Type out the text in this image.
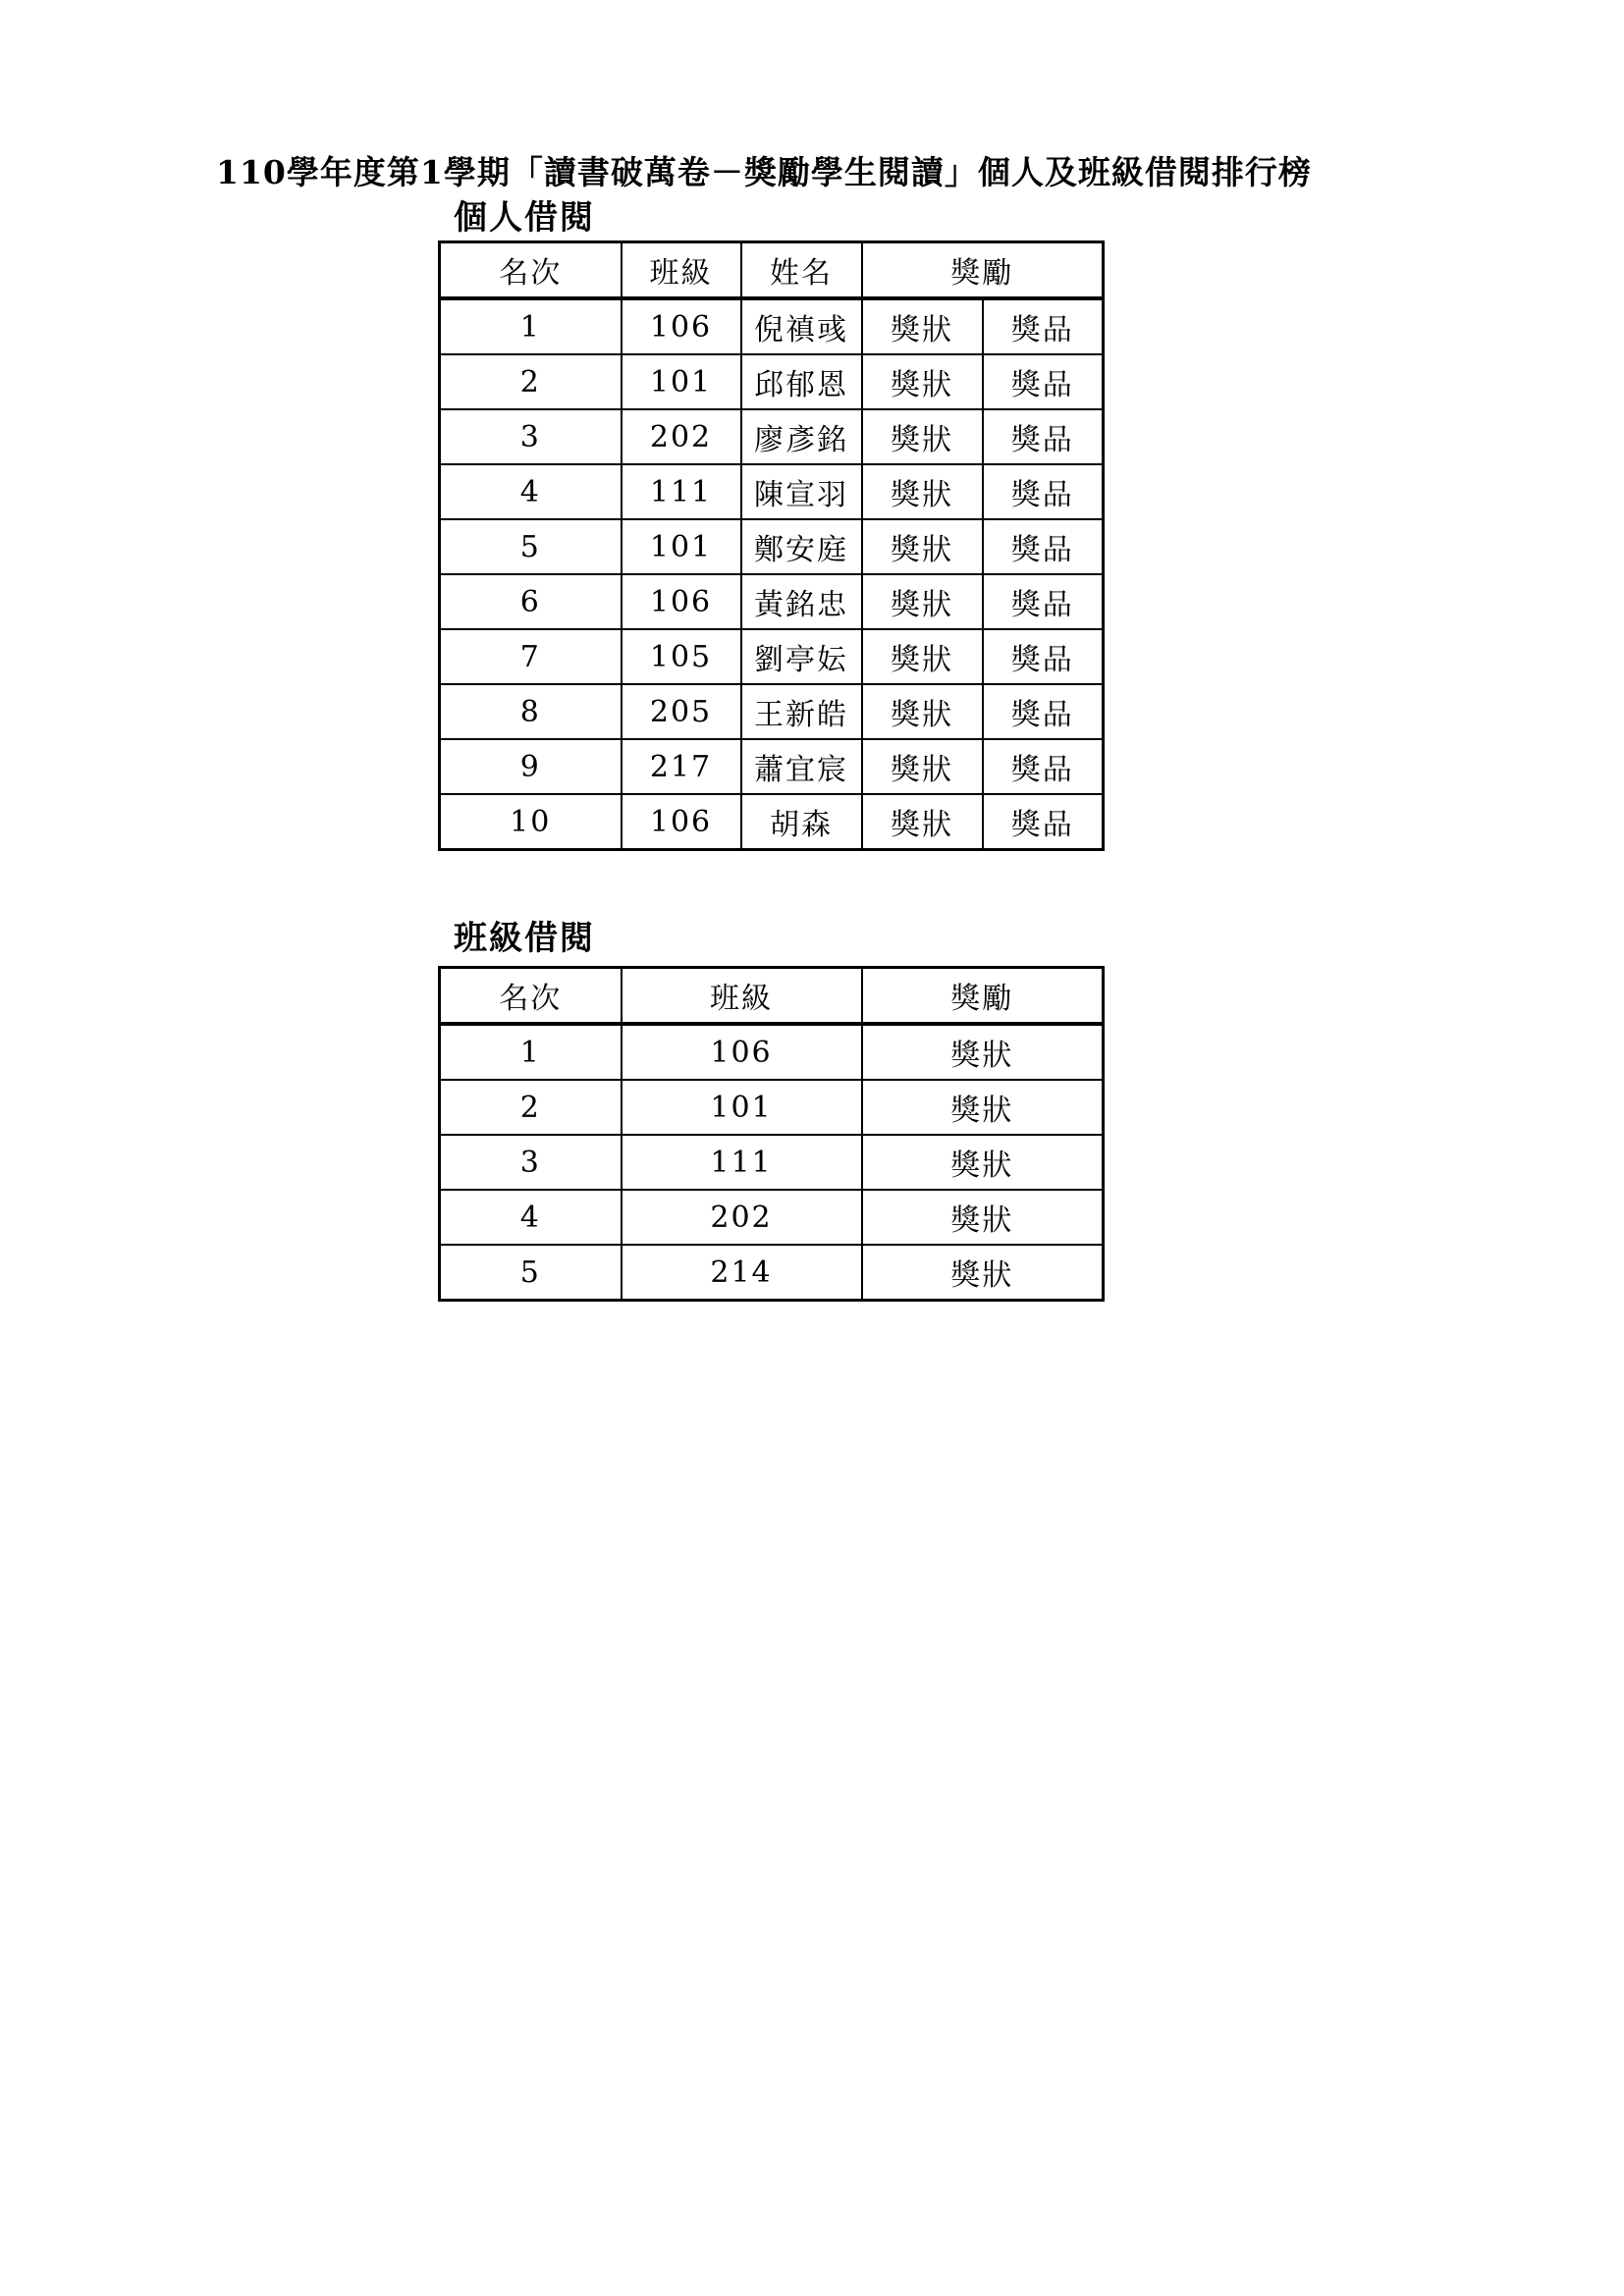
110學年度第1學期「讀書破萬卷－獎勵學生閱讀」個人及班級借閱排行榜
個人借閱
名次	班級	姓名	獎勵	
1	106	倪禛彧	獎狀	獎品
2	101	邱郁恩	獎狀	獎品
3	202	廖彥銘	獎狀	獎品
4	111	陳宣羽	獎狀	獎品
5	101	鄭安庭	獎狀	獎品
6	106	黃銘忠	獎狀	獎品
7	105	劉亭妘	獎狀	獎品
8	205	王新皓	獎狀	獎品
9	217	蕭宜宸	獎狀	獎品
10	106	胡森	獎狀	獎品
班級借閱
名次	班級	獎勵
1	106	獎狀
2	101	獎狀
3	111	獎狀
4	202	獎狀
5	214	獎狀
